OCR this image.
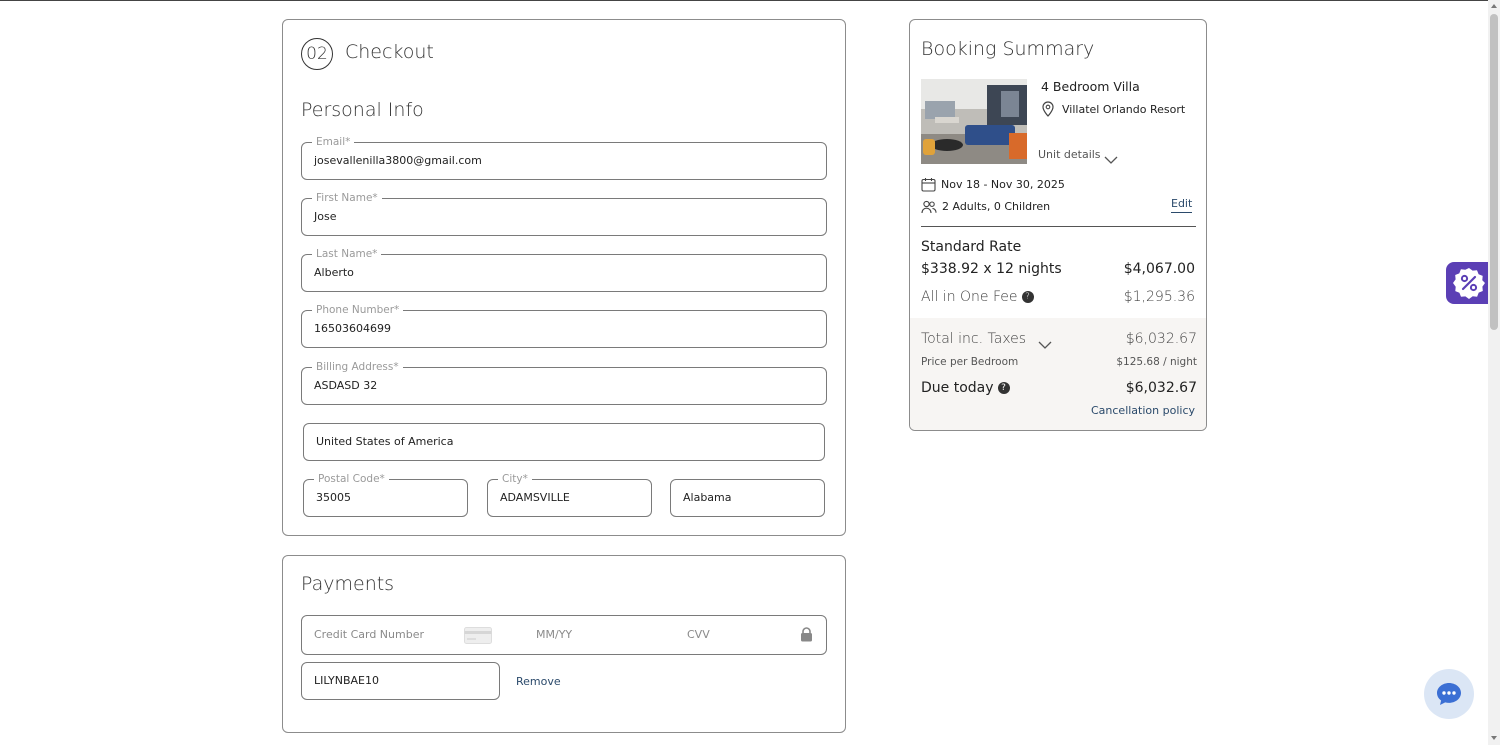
02 Checkout
Personal Info
Email*
josevallenilla3800@gmail.com
First Name*
Jose
Last Name*
Alberto
Phone Number*
16503604699
Billing Address*
ASDASD 32
United States of America
Postal Code*
35005
City*
ADAMSVILLE	Alabama
Payments
Credit Card Number	MM/YY	CVV
LILYNBAE10	Remove
Booking Summary
4 Bedroom Villa
Villatel Orlando Resort
Unit details
Nov 18 - Nov 30, 2025
2 Adults, 0 Children	Edit
Standard Rate
$338.92 x 12 nights	$4,067.00
All in One Fee ?	$1,295.36
Total inc. Taxes	$6,032.67
Price per Bedroom	$125.68 / night
Due today ?	$6,032.67
Cancellation policy
